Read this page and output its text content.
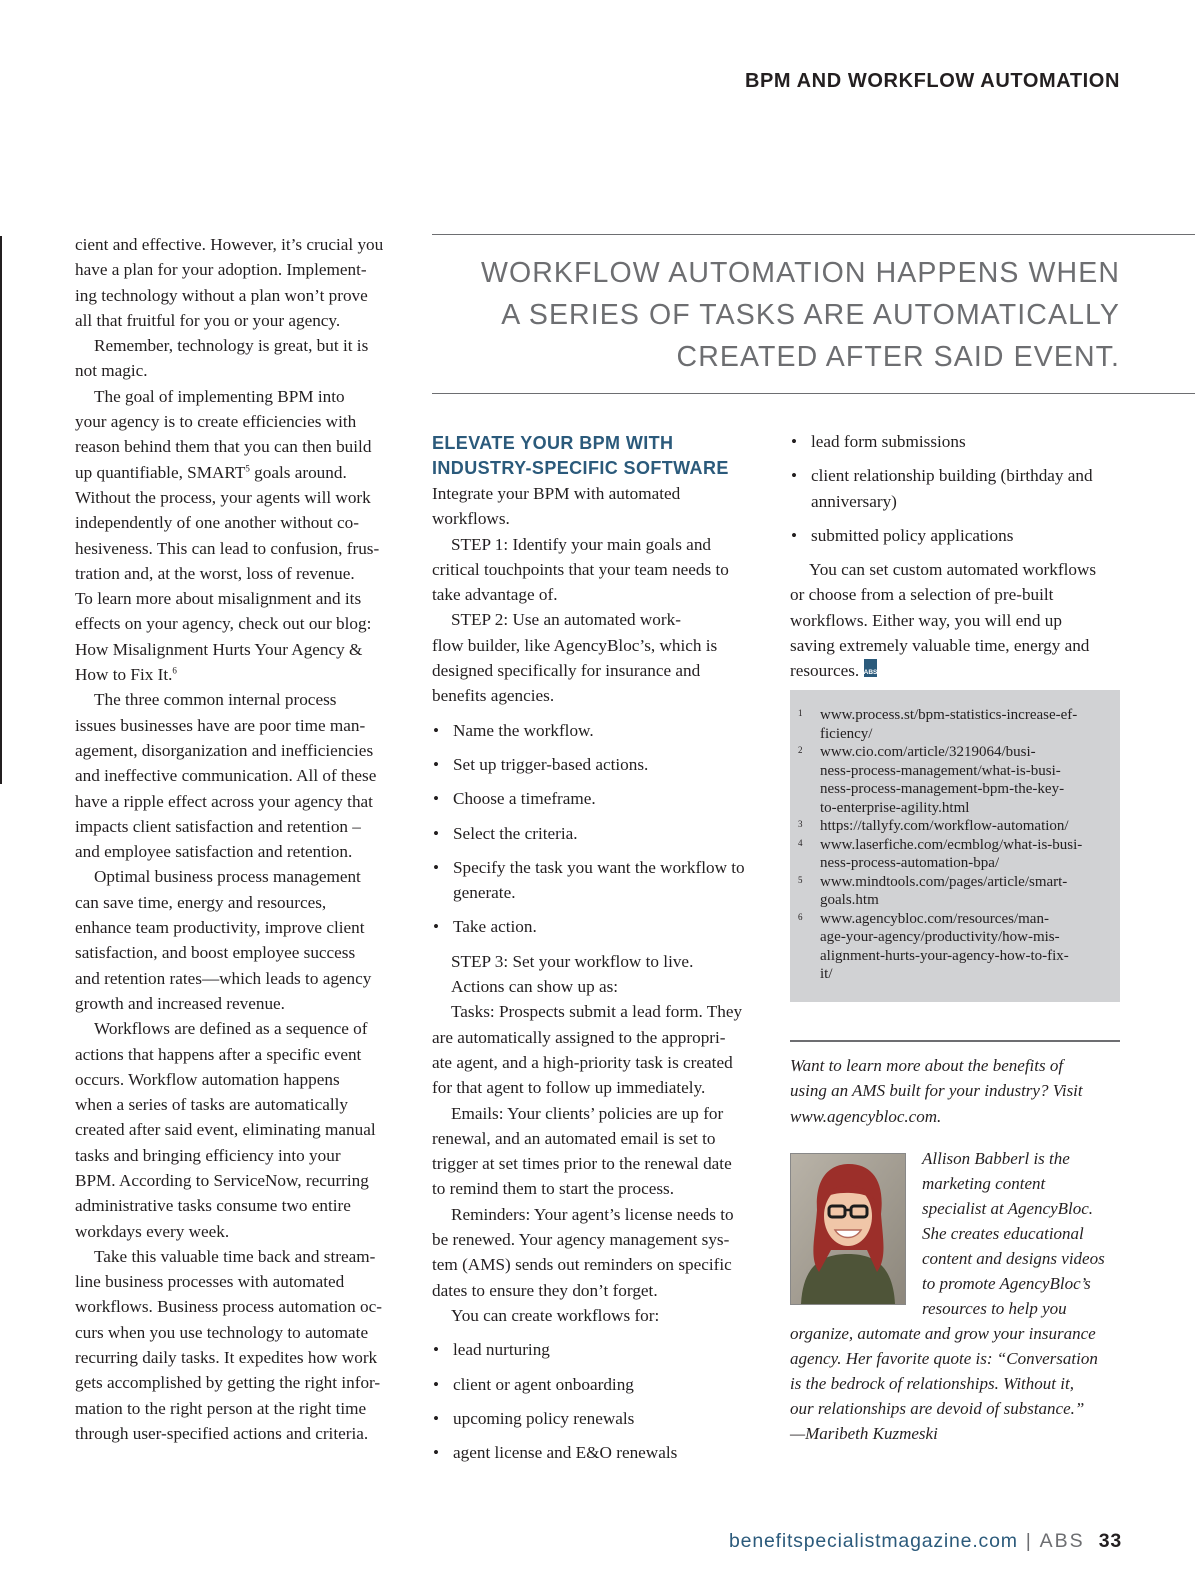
BPM AND WORKFLOW AUTOMATION

cient and effective. However, it’s crucial you

have a plan for your adoption. Implement-

ing technology without a plan won’t prove

all that fruitful for you or your agency.

Remember, technology is great, but it is

not magic.

The goal of implementing BPM into

your agency is to create efficiencies with

reason behind them that you can then build

up quantifiable, SMART$^5$ goals around.

Without the process, your agents will work

independently of one another without co-

hesiveness. This can lead to confusion, frus-

tration and, at the worst, loss of revenue.

To learn more about misalignment and its

effects on your agency, check out our blog:

How Misalignment Hurts Your Agency &

How to Fix It.$^6$

The three common internal process

issues businesses have are poor time man-

agement, disorganization and inefficiencies

and ineffective communication. All of these

have a ripple effect across your agency that

impacts client satisfaction and retention –

and employee satisfaction and retention.

Optimal business process management

can save time, energy and resources,

enhance team productivity, improve client

satisfaction, and boost employee success

and retention rates—which leads to agency

growth and increased revenue.

Workflows are defined as a sequence of

actions that happens after a specific event

occurs. Workflow automation happens

when a series of tasks are automatically

created after said event, eliminating manual

tasks and bringing efficiency into your

BPM. According to ServiceNow, recurring

administrative tasks consume two entire

workdays every week.

Take this valuable time back and stream-

line business processes with automated

workflows. Business process automation oc-

curs when you use technology to automate

recurring daily tasks. It expedites how work

gets accomplished by getting the right infor-

mation to the right person at the right time

through user-specified actions and criteria.

WORKFLOW AUTOMATION HAPPENS WHEN
A SERIES OF TASKS ARE AUTOMATICALLY
CREATED AFTER SAID EVENT.
ELEVATE YOUR BPM WITH
INDUSTRY-SPECIFIC SOFTWARE

Integrate your BPM with automated

workflows.

STEP 1: Identify your main goals and

critical touchpoints that your team needs to

take advantage of.

STEP 2: Use an automated work-

flow builder, like AgencyBloc’s, which is

designed specifically for insurance and

benefits agencies.

• Name the workflow.
• Set up trigger-based actions.
• Choose a timeframe.
• Select the criteria.
• Specify the task you want the workflow to generate.
• Take action.

STEP 3: Set your workflow to live.

Actions can show up as:

Tasks: Prospects submit a lead form. They

are automatically assigned to the appropri-

ate agent, and a high-priority task is created

for that agent to follow up immediately.

Emails: Your clients’ policies are up for

renewal, and an automated email is set to

trigger at set times prior to the renewal date

to remind them to start the process.

Reminders: Your agent’s license needs to

be renewed. Your agency management sys-

tem (AMS) sends out reminders on specific

dates to ensure they don’t forget.

You can create workflows for:

• lead nurturing
• client or agent onboarding
• upcoming policy renewals
• agent license and E&O renewals
• lead form submissions
• client relationship building (birthday and anniversary)
• submitted policy applications

You can set custom automated workflows

or choose from a selection of pre-built

workflows. Either way, you will end up

saving extremely valuable time, energy and

resources. ABS

1 www.process.st/bpm-statistics-increase-ef-
ficiency/
2 www.cio.com/article/3219064/busi-
ness-process-management/what-is-busi-
ness-process-management-bpm-the-key-
to-enterprise-agility.html
3 https://tallyfy.com/workflow-automation/
4 www.laserfiche.com/ecmblog/what-is-busi-
ness-process-automation-bpa/
5 www.mindtools.com/pages/article/smart-
goals.htm
6 www.agencybloc.com/resources/man-
age-your-agency/productivity/how-mis-
alignment-hurts-your-agency-how-to-fix-
it/
Want to learn more about the benefits of
using an AMS built for your industry? Visit
www.agencybloc.com.
Allison Babberl is the
marketing content
specialist at AgencyBloc.
She creates educational
content and designs videos
to promote AgencyBloc’s
resources to help you
organize, automate and grow your insurance
agency. Her favorite quote is: “Conversation
is the bedrock of relationships. Without it,
our relationships are devoid of substance.”
—Maribeth Kuzmeski
benefitspecialistmagazine.com | ABS 33
